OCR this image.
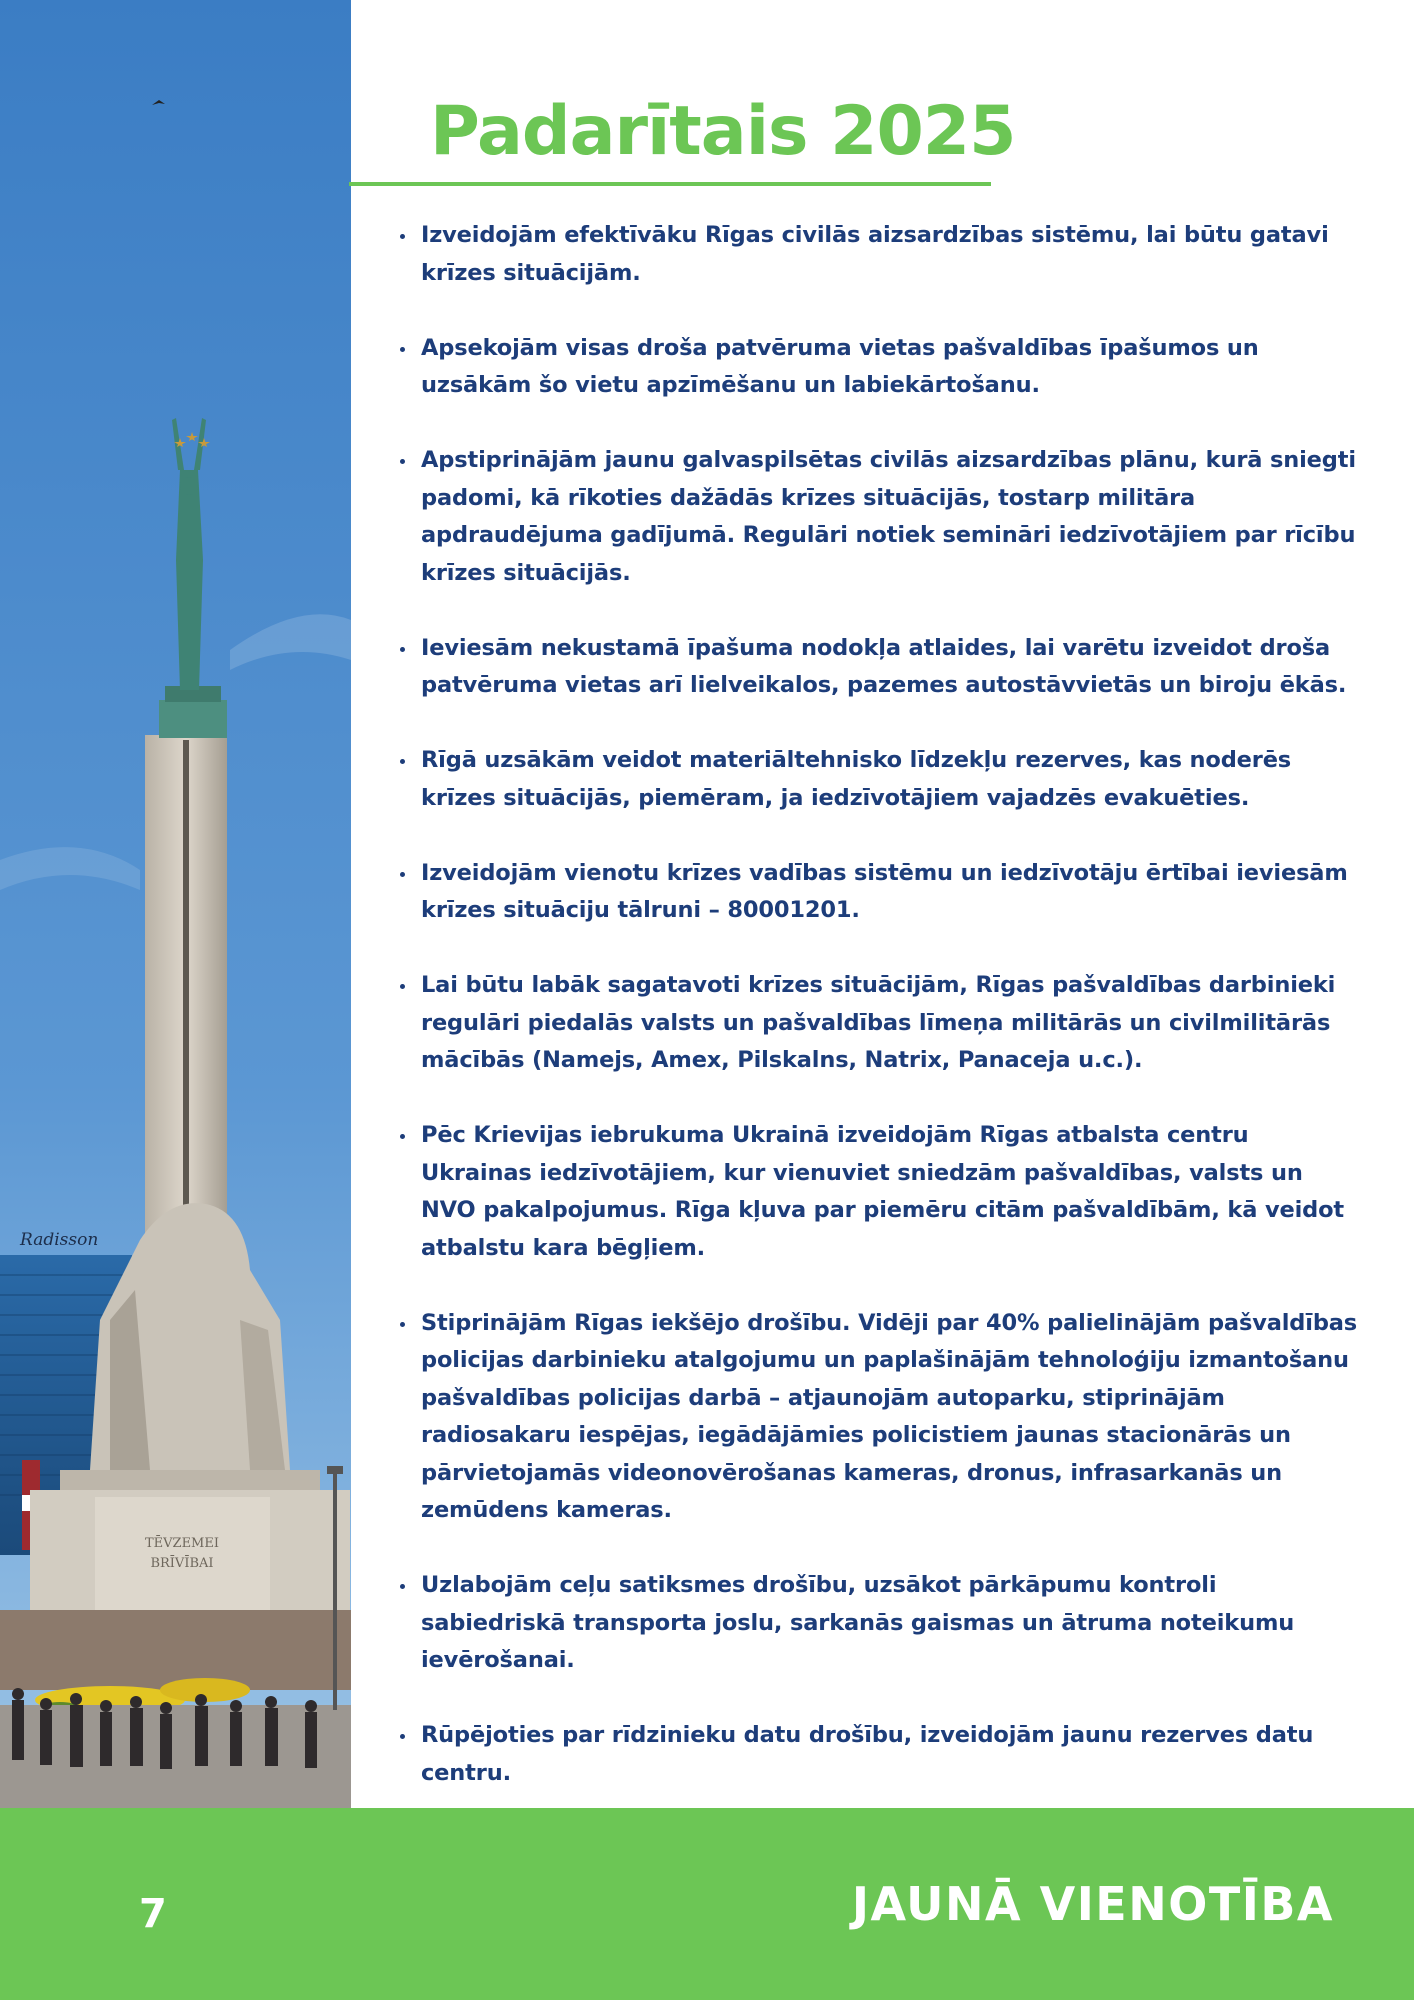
Radisson
TĒVZEMEI
BRĪVĪBAI
Padarītais 2025
Izveidojām efektīvāku Rīgas civilās aizsardzības sistēmu, lai būtu gatavi krīzes situācijām.
Apsekojām visas droša patvēruma vietas pašvaldības īpašumos un uzsākām šo vietu apzīmēšanu un labiekārtošanu.
Apstiprinājām jaunu galvaspilsētas civilās aizsardzības plānu, kurā sniegti padomi, kā rīkoties dažādās krīzes situācijās, tostarp militāra apdraudējuma gadījumā. Regulāri notiek semināri iedzīvotājiem par rīcību krīzes situācijās.
Ieviesām nekustamā īpašuma nodokļa atlaides, lai varētu izveidot droša patvēruma vietas arī lielveikalos, pazemes autostāvvietās un biroju ēkās.
Rīgā uzsākām veidot materiāltehnisko līdzekļu rezerves, kas noderēs krīzes situācijās, piemēram, ja iedzīvotājiem vajadzēs evakuēties.
Izveidojām vienotu krīzes vadības sistēmu un iedzīvotāju ērtībai ieviesām krīzes situāciju tālruni – 80001201.
Lai būtu labāk sagatavoti krīzes situācijām, Rīgas pašvaldības darbinieki regulāri piedalās valsts un pašvaldības līmeņa militārās un civilmilitārās mācībās (Namejs, Amex, Pilskalns, Natrix, Panaceja u.c.).
Pēc Krievijas iebrukuma Ukrainā izveidojām Rīgas atbalsta centru Ukrainas iedzīvotājiem, kur vienuviet sniedzām pašvaldības, valsts un NVO pakalpojumus. Rīga kļuva par piemēru citām pašvaldībām, kā veidot atbalstu kara bēgļiem.
Stiprinājām Rīgas iekšējo drošību. Vidēji par 40% palielinājām pašvaldības policijas darbinieku atalgojumu un paplašinājām tehnoloģiju izmantošanu pašvaldības policijas darbā – atjaunojām autoparku, stiprinājām radiosakaru iespējas, iegādājāmies policistiem jaunas stacionārās un pārvietojamās videonovērošanas kameras, dronus, infrasarkanās un zemūdens kameras.
Uzlabojām ceļu satiksmes drošību, uzsākot pārkāpumu kontroli sabiedriskā transporta joslu, sarkanās gaismas un ātruma noteikumu ievērošanai.
Rūpējoties par rīdzinieku datu drošību, izveidojām jaunu rezerves datu centru.
7	JAUNĀ VIENOTĪBA
